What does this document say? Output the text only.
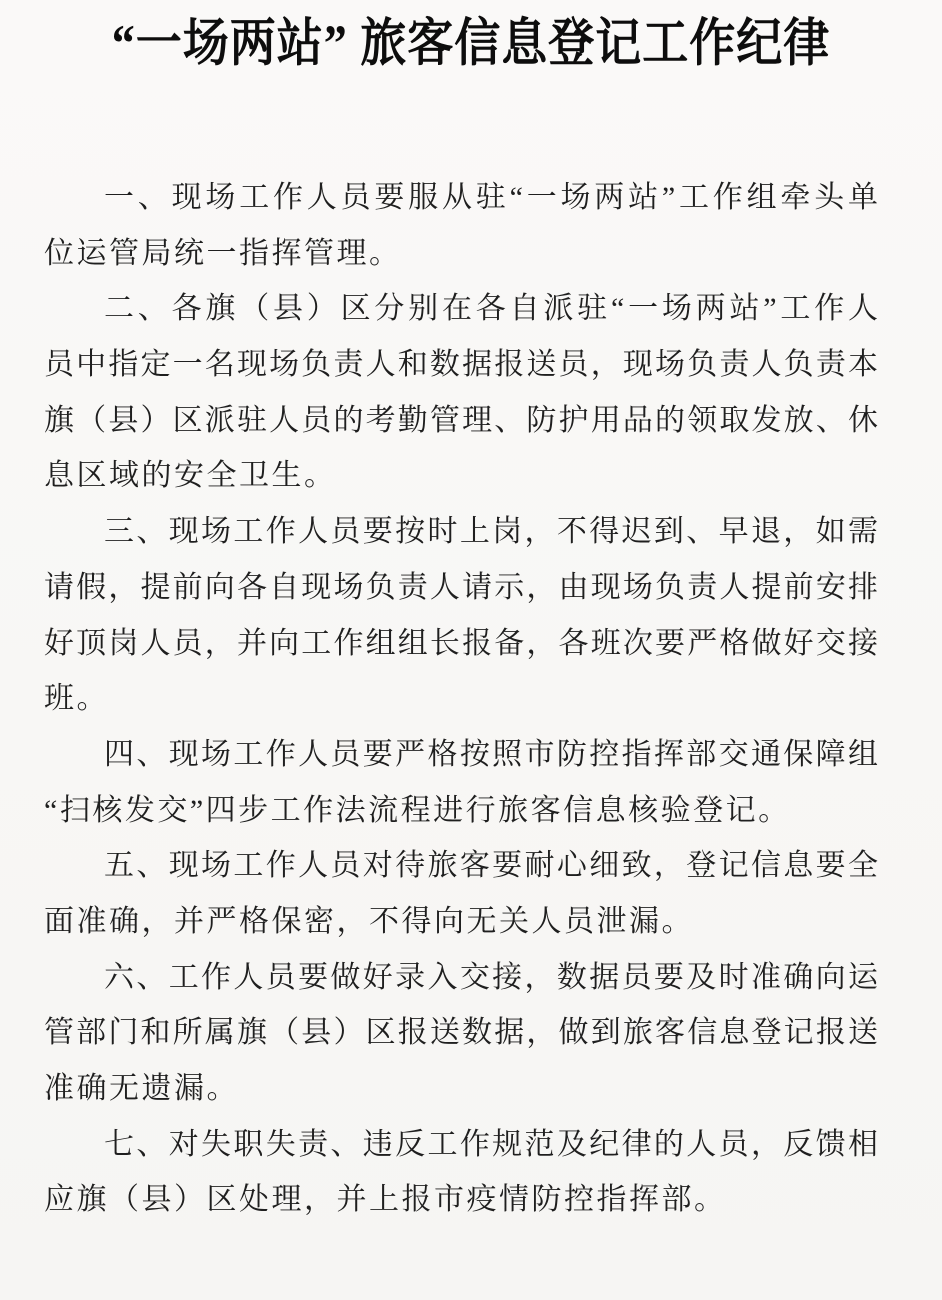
“一场两站” 旅客信息登记工作纪律
一、现场工作人员要服从驻“一场两站”工作组牵头单
位运管局统一指挥管理。
二、各旗（县）区分别在各自派驻“一场两站”工作人
员中指定一名现场负责人和数据报送员，现场负责人负责本
旗（县）区派驻人员的考勤管理、防护用品的领取发放、休
息区域的安全卫生。
三、现场工作人员要按时上岗，不得迟到、早退，如需
请假，提前向各自现场负责人请示，由现场负责人提前安排
好顶岗人员，并向工作组组长报备，各班次要严格做好交接
班。
四、现场工作人员要严格按照市防控指挥部交通保障组
“扫核发交”四步工作法流程进行旅客信息核验登记。
五、现场工作人员对待旅客要耐心细致，登记信息要全
面准确，并严格保密，不得向无关人员泄漏。
六、工作人员要做好录入交接，数据员要及时准确向运
管部门和所属旗（县）区报送数据，做到旅客信息登记报送
准确无遗漏。
七、对失职失责、违反工作规范及纪律的人员，反馈相
应旗（县）区处理，并上报市疫情防控指挥部。
